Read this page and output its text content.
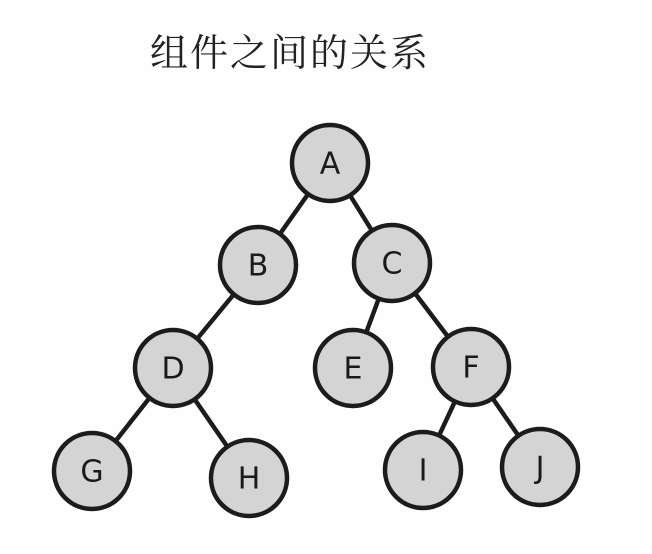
组件之间的关系
A
B	C
D	E	F
G	H	I	J
